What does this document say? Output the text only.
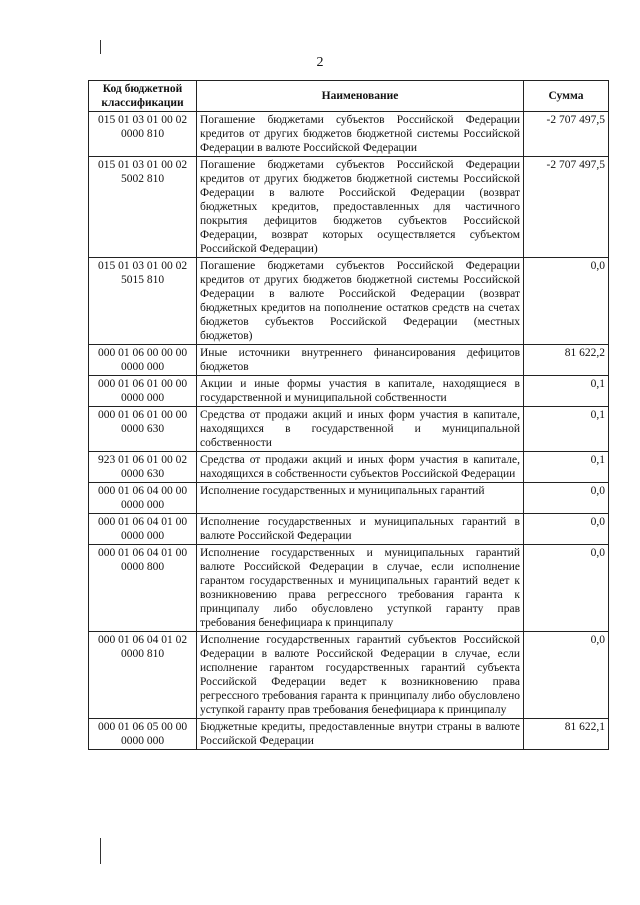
2
Код бюджетной классификации	Наименование	Сумма
015 01 03 01 00 02 0000 810	Погашение бюджетами субъектов Российской Федерации кредитов от других бюджетов бюджетной системы Российской Федерации в валюте Российской Федерации	-2 707 497,5
015 01 03 01 00 02 5002 810	Погашение бюджетами субъектов Российской Федерации кредитов от других бюджетов бюджетной системы Российской Федерации в валюте Российской Федерации (возврат бюджетных кредитов, предоставленных для частичного покрытия дефицитов бюджетов субъектов Российской Федерации, возврат которых осуществляется субъектом Российской Федерации)	-2 707 497,5
015 01 03 01 00 02 5015 810	Погашение бюджетами субъектов Российской Федерации кредитов от других бюджетов бюджетной системы Российской Федерации в валюте Российской Федерации (возврат бюджетных кредитов на пополнение остатков средств на счетах бюджетов субъектов Российской Федерации (местных бюджетов)	0,0
000 01 06 00 00 00 0000 000	Иные источники внутреннего финансирования дефицитов бюджетов	81 622,2
000 01 06 01 00 00 0000 000	Акции и иные формы участия в капитале, находящиеся в государственной и муниципальной собственности	0,1
000 01 06 01 00 00 0000 630	Средства от продажи акций и иных форм участия в капитале, находящихся в государственной и муниципальной собственности	0,1
923 01 06 01 00 02 0000 630	Средства от продажи акций и иных форм участия в капитале, находящихся в собственности субъектов Российской Федерации	0,1
000 01 06 04 00 00 0000 000	Исполнение государственных и муниципальных гарантий	0,0
000 01 06 04 01 00 0000 000	Исполнение государственных и муниципальных гарантий в валюте Российской Федерации	0,0
000 01 06 04 01 00 0000 800	Исполнение государственных и муниципальных гарантий валюте Российской Федерации в случае, если исполнение гарантом государственных и муниципальных гарантий ведет к возникновению права регрессного требования гаранта к принципалу либо обусловлено уступкой гаранту прав требования бенефициара к принципалу	0,0
000 01 06 04 01 02 0000 810	Исполнение государственных гарантий субъектов Российской Федерации в валюте Российской Федерации в случае, если исполнение гарантом государственных гарантий субъекта Российской Федерации ведет к возникновению права регрессного требования гаранта к принципалу либо обусловлено уступкой гаранту прав требования бенефициара к принципалу	0,0
000 01 06 05 00 00 0000 000	Бюджетные кредиты, предоставленные внутри страны в валюте Российской Федерации	81 622,1
